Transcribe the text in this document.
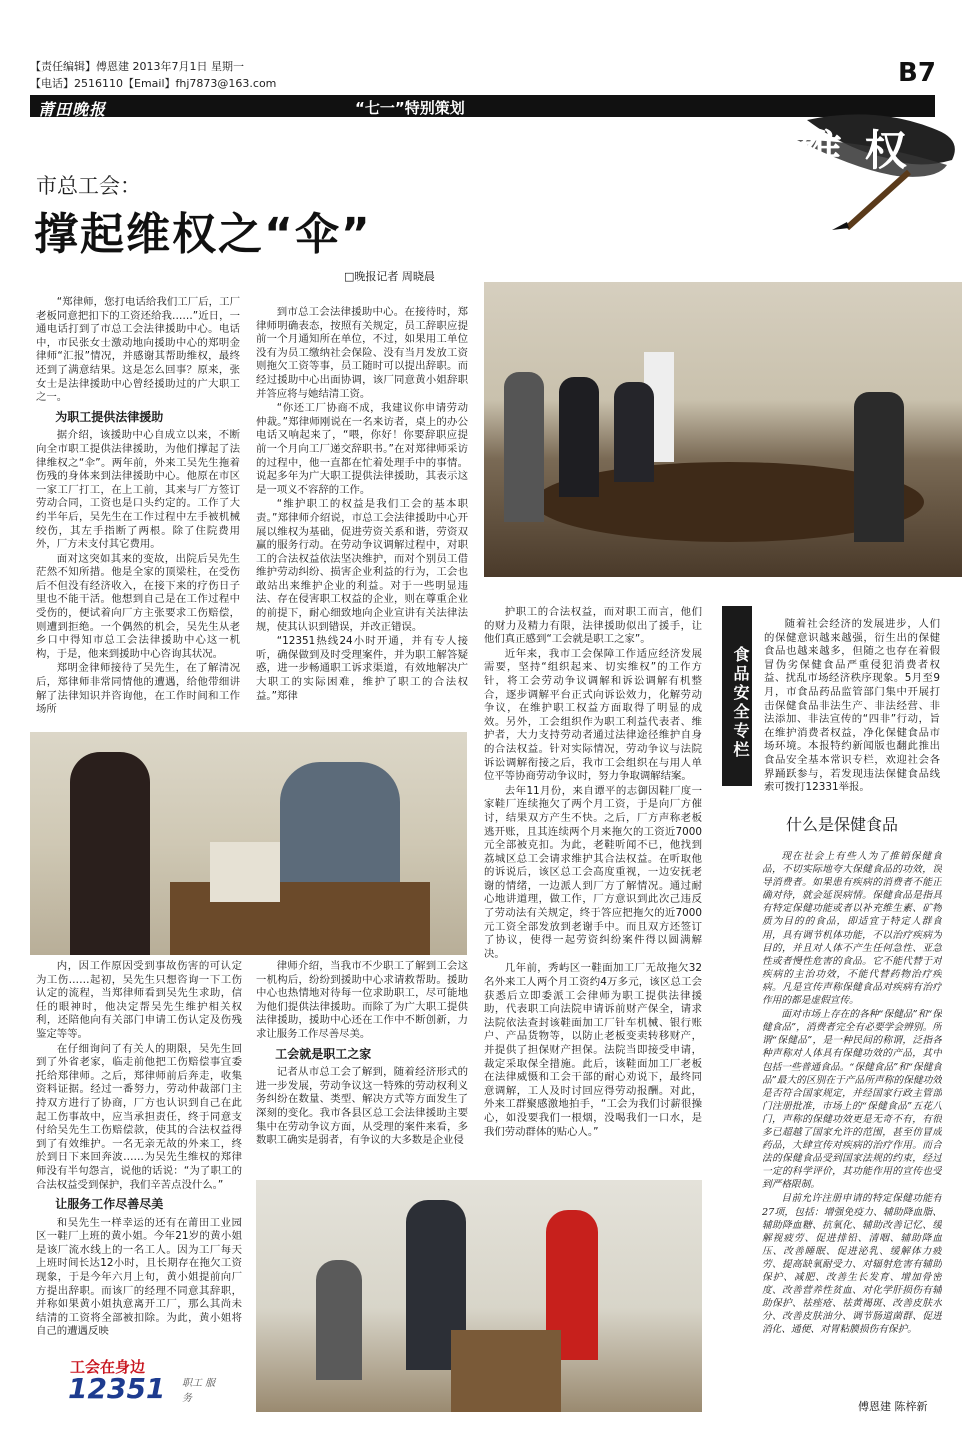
【责任编辑】傅恩建 2013年7月1日 星期一
【电话】2516110【Email】fhj7873@163.com
莆田晚报	“七一”特别策划
B7
维 权
市总工会：
撑起维权之“伞”
□晚报记者 周晓晨

“郑律师，您打电话给我们工厂后，工厂老板同意把扣下的工资还给我……”近日，一通电话打到了市总工会法律援助中心。电话中，市民张女士激动地向援助中心的郑明金律师“汇报”情况，并感谢其帮助维权，最终还到了满意结果。这是怎么回事？原来，张女士是法律援助中心曾经援助过的广大职工之一。

为职工提供法律援助

据介绍，该援助中心自成立以来，不断向全市职工提供法律援助，为他们撑起了法律维权之“伞”。两年前，外来工吴先生拖着伤残的身体来到法律援助中心。他原在市区一家工厂打工，在上工前，其来与厂方签订劳动合同，工资也是口头约定的。工作了大约半年后，吴先生在工作过程中左手被机械绞伤，其左手指断了两根。除了住院费用外，厂方未支付其它费用。

面对这突如其来的变故，出院后吴先生茫然不知所措。他是全家的顶梁柱，在受伤后不但没有经济收入，在接下来的疗伤日子里也不能干活。他想到自己是在工作过程中受伤的，便试着向厂方主张要求工伤赔偿，则遭到拒绝。一个偶然的机会，吴先生从老乡口中得知市总工会法律援助中心这一机构，于是，他来到援助中心咨询其状况。

郑明金律师接待了吴先生，在了解清况后，郑律师非常同情他的遭遇，给他带细讲解了法律知识并咨询他，在工作时间和工作场所

到市总工会法律援助中心。在接待时，郑律师明确表态，按照有关规定，员工辞职应提前一个月通知所在单位，不过，如果用工单位没有为员工缴纳社会保险、没有当月发放工资则拖欠工资等事，员工随时可以提出辞职。而经过援助中心出面协调，该厂同意黄小姐辞职并答应将与她结清工资。

“你还工厂协商不成，我建议你申请劳动仲裁。”郑律师刚说在一名来访者，桌上的办公电话又响起来了，“喂，你好！你要辞职应提前一个月向工厂递交辞职书。”在对郑律师采访的过程中，他一直都在忙着处理手中的事情。说起多年为广大职工提供法律援助，其表示这是一项义不容辞的工作。

“维护职工的权益是我们工会的基本职责。”郑律师介绍说，市总工会法律援助中心开展以维权为基础，促进劳资关系和谐，劳资双赢的服务行动。在劳动争议调解过程中，对职工的合法权益依法坚决维护，而对个别员工借维护劳动纠纷、损害企业利益的行为，工会也敢站出来维护企业的利益。对于一些明显违法、存在侵害职工权益的企业，则在尊重企业的前提下，耐心细致地向企业宣讲有关法律法规，使其认识到错误，并改正错误。

“12351热线24小时开通，并有专人接听，确保做到及时受理案件，并为职工解答疑惑，进一步畅通职工诉求渠道，有效地解决广大职工的实际困难，维护了职工的合法权益。”郑律

护职工的合法权益，而对职工而言，他们的财力及精力有限，法律援助似出了援手，让他们真正感到“工会就是职工之家”。

近年来，我市工会保障工作适应经济发展需要，坚持“组织起来、切实维权”的工作方针，将工会劳动争议调解和诉讼调解有机整合，逐步调解平台正式向诉讼效力，化解劳动争议，在维护职工权益方面取得了明显的成效。另外，工会组织作为职工利益代表者、维护者，大力支持劳动者通过法律途径维护自身的合法权益。针对实际情况，劳动争议与法院诉讼调解衔接之后，我市工会组织在与用人单位平等协商劳动争议时，努力争取调解结案。

去年11月份，来自谭平的志御因鞋厂度一家鞋厂连续拖欠了两个月工资，于是向厂方催讨，结果双方产生不快。之后，厂方声称老板逃开账，且其连续两个月来拖欠的工资近7000元全部被克扣。为此，老鞋听闻不已，他找到荔城区总工会请求维护其合法权益。在听取他的诉说后，该区总工会高度重视，一边安抚老谢的情绪，一边派人到厂方了解情况。通过耐心地讲道理，做工作，厂方意识到此次己违反了劳动法有关规定，终于答应把拖欠的近7000元工资全部发放到老谢手中。而且双方还签订了协议，使得一起劳资纠纷案件得以圆满解决。

几年前，秀屿区一鞋面加工厂无故拖欠32名外来工人两个月工资约4万多元，该区总工会获悉后立即委派工会律师为职工提供法律援助，代表职工向法院申请诉前财产保全，请求法院依法查封该鞋面加工厂针车机械、银行账户、产品货物等，以防止老板变卖转移财产，并提供了担保财产担保。法院当即接受申请，裁定采取保全措施。此后，该鞋面加工厂老板在法律威慑和工会干部的耐心劝说下，最终同意调解，工人及时讨回应得劳动报酬。对此，外来工群聚感激地拍手，“工会为我们讨薪很操心，如没要我们一根烟，没喝我们一口水，是我们劳动群体的贴心人。”

内，因工作原因受到事故伤害的可认定为工伤……起初，吴先生只想咨询一下工伤认定的流程，当郑律师看到吴先生求助，信任的眼神时，他决定帮吴先生维护相关权利，还陪他向有关部门申请工伤认定及伤残鉴定等等。

在仔细询问了有关人的期限，吴先生回到了外省老家，临走前他把工伤赔偿事宜委托给郑律师。之后，郑律师前后奔走，收集资料证据。经过一番努力，劳动仲裁部门主持双方进行了协商，厂方也认识到自己在此起工伤事故中，应当承担责任，终于同意支付给吴先生工伤赔偿款，使其的合法权益得到了有效维护。一名无亲无故的外来工，终於到日下来回奔波……为吴先生维权的郑律师没有半句怨言，说他的话说：“为了职工的合法权益受到保护，我们辛苦点没什么。”

让服务工作尽善尽美

和吴先生一样幸运的还有在莆田工业园区一鞋厂上班的黄小姐。今年21岁的黄小姐是该厂流水线上的一名工人。因为工厂每天上班时间长达12小时，且长期存在拖欠工资现象，于是今年六月上旬，黄小姐提前向厂方提出辞职。而该厂的经理不同意其辞职，并称如果黄小姐执意离开工厂，那么其尚未结清的工资将全部被扣除。为此，黄小姐将自己的遭遇反映

律师介绍，当我市不少职工了解到工会这一机构后，纷纷到援助中心求请救帮助。援助中心也热情地对待每一位求助职工，尽可能地为他们提供法律援助。而除了为广大职工提供法律援助，援助中心还在工作中不断创新，力求让服务工作尽善尽美。

工会就是职工之家

记者从市总工会了解到，随着经济形式的进一步发展，劳动争议这一特殊的劳动权利义务纠纷在数量、类型、解决方式等方面发生了深刻的变化。我市各县区总工会法律援助主要集中在劳动争议方面，从受理的案件来看，多数职工确实是弱者，有争议的大多数是企业侵

工会在身边
12351 职工 服务
食品安全专栏
随着社会经济的发展进步，人们的保健意识越来越强，衍生出的保健食品也越来越多，但随之也存在着假冒伪劣保健食品严重侵犯消费者权益、扰乱市场经济秩序现象。5月至9月，市食品药品监管部门集中开展打击保健食品非法生产、非法经营、非法添加、非法宣传的“四非”行动，旨在维护消费者权益，净化保健食品市场环境。本报特约新闻版也翻此推出食品安全基本常识专栏，欢迎社会各界踊跃参与，若发现违法保健食品线索可拨打12331举报。
什么是保健食品

现在社会上有些人为了推销保健食品，不切实际地夸大保健食品的功效，误导消费者。如果患有疾病的消费者不能正确对待，就会延误病情。保健食品是指具有特定保健功能或者以补充维生素、矿物质为目的的食品，即适宜于特定人群食用，具有调节机体功能，不以治疗疾病为目的，并且对人体不产生任何急性、亚急性或者慢性危害的食品。它不能代替于对疾病的主治功效，不能代替药物治疗疾病。凡是宣传声称保健食品对疾病有治疗作用的都是虚假宣传。

面对市场上存在的各种“保健品”和“保健食品”，消费者完全有必要学会辨别。所谓“保健品”，是一种民间的称谓，泛指各种声称对人体具有保健功效的产品，其中包括一些普通食品。“保健食品”和“保健食品”最大的区别在于产品所声称的保健功效是否符合国家规定，并经国家行政主管部门注册批准，市场上的“保健食品”五花八门，声称的保健功效更是无奇不有，有很多已超越了国家允许的范围，甚至仿冒成药品，大肆宣传对疾病的治疗作用。而合法的保健食品受到国家法规的约束，经过一定的科学评价，其功能作用的宣传也受到严格限制。

目前允许注册申请的特定保健功能有27项，包括：增强免疫力、辅助降血脂、辅助降血糖、抗氧化、辅助改善记忆、缓解视疲劳、促进排铅、清咽、辅助降血压、改善睡眠、促进泌乳、缓解体力疲劳、提高缺氧耐受力、对辐射危害有辅助保护、减肥、改善生长发育、增加骨密度、改善营养性贫血、对化学肝损伤有辅助保护、祛痤疮、祛黄褐斑、改善皮肤水分、改善皮肤油分、调节肠道菌群、促进消化、通便、对胃粘膜损伤有保护。

傅恩建 陈梓新
